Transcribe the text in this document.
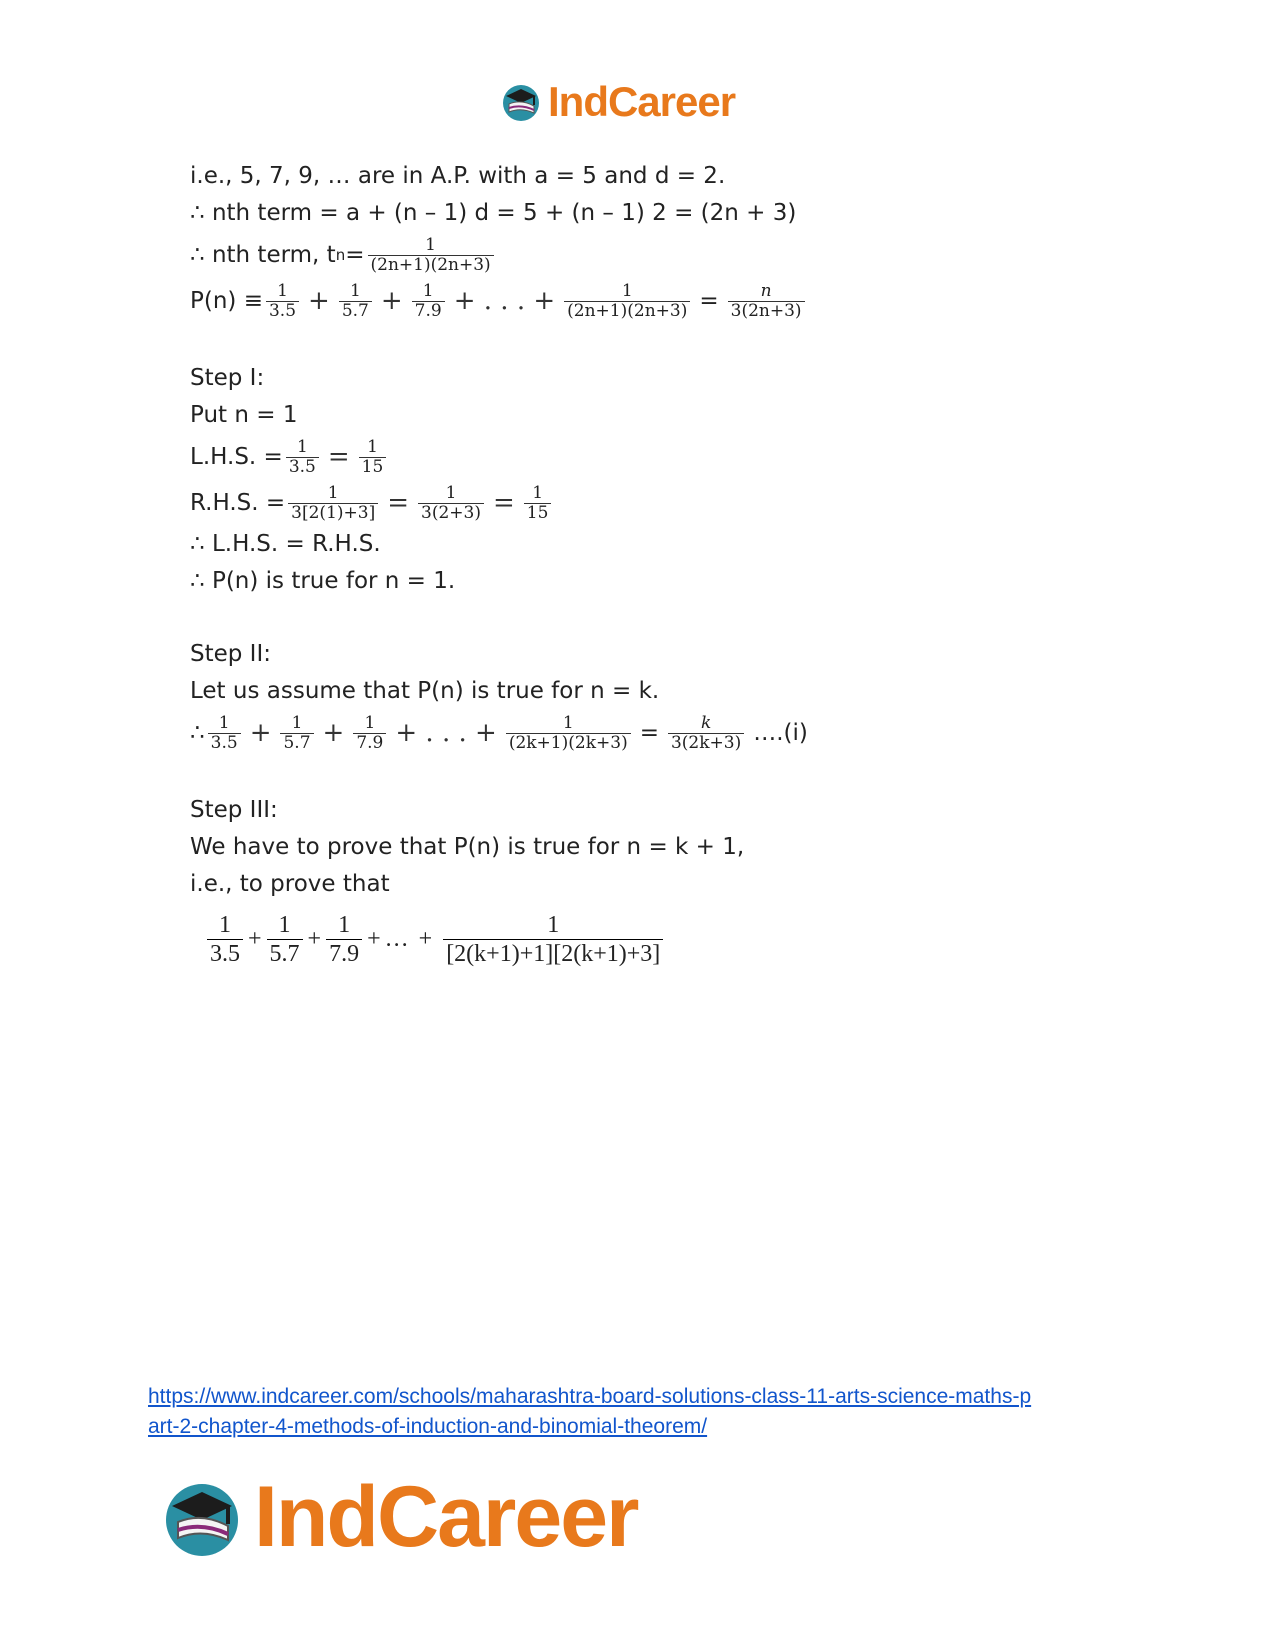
IndCareer
i.e., 5, 7, 9, … are in A.P. with a = 5 and d = 2.
∴ nth term = a + (n – 1) d = 5 + (n – 1) 2 = (2n + 3)
∴ nth term, t $n = \frac{1}{(2n+1)(2n+3)}$
$P(n) \equiv \frac{1}{3.5} + \frac{1}{5.7} + \frac{1}{7.9}$ + . . . + $\frac{1}{(2n+1)(2n+3)} = \frac{n}{3(2n+3)}$
Step I:
Put n = 1
L.H.S. = $\frac{1}{3.5} = \frac{1}{15}$
R.H.S. = $\frac{1}{3[2(1)+3]} = \frac{1}{3(2+3)} = \frac{1}{15}$
∴ L.H.S. = R.H.S.
∴ P(n) is true for n = 1.
Step II:
Let us assume that P(n) is true for n = k.
∴ $\frac{1}{3.5} + \frac{1}{5.7} + \frac{1}{7.9}$ + . . . + $\frac{1}{(2k+1)(2k+3)} = \frac{k}{3(2k+3)}$ ….(i)
Step III:
We have to prove that P(n) is true for n = k + 1,
i.e., to prove that
$\frac{1}{3.5} + \frac{1}{5.7} + \frac{1}{7.9}$ + … + $\frac{1}{[2(k+1)+1][2(k+1)+3]}$
https://www.indcareer.com/schools/maharashtra-board-solutions-class-11-arts-science-maths-p
art-2-chapter-4-methods-of-induction-and-binomial-theorem/
IndCareer
